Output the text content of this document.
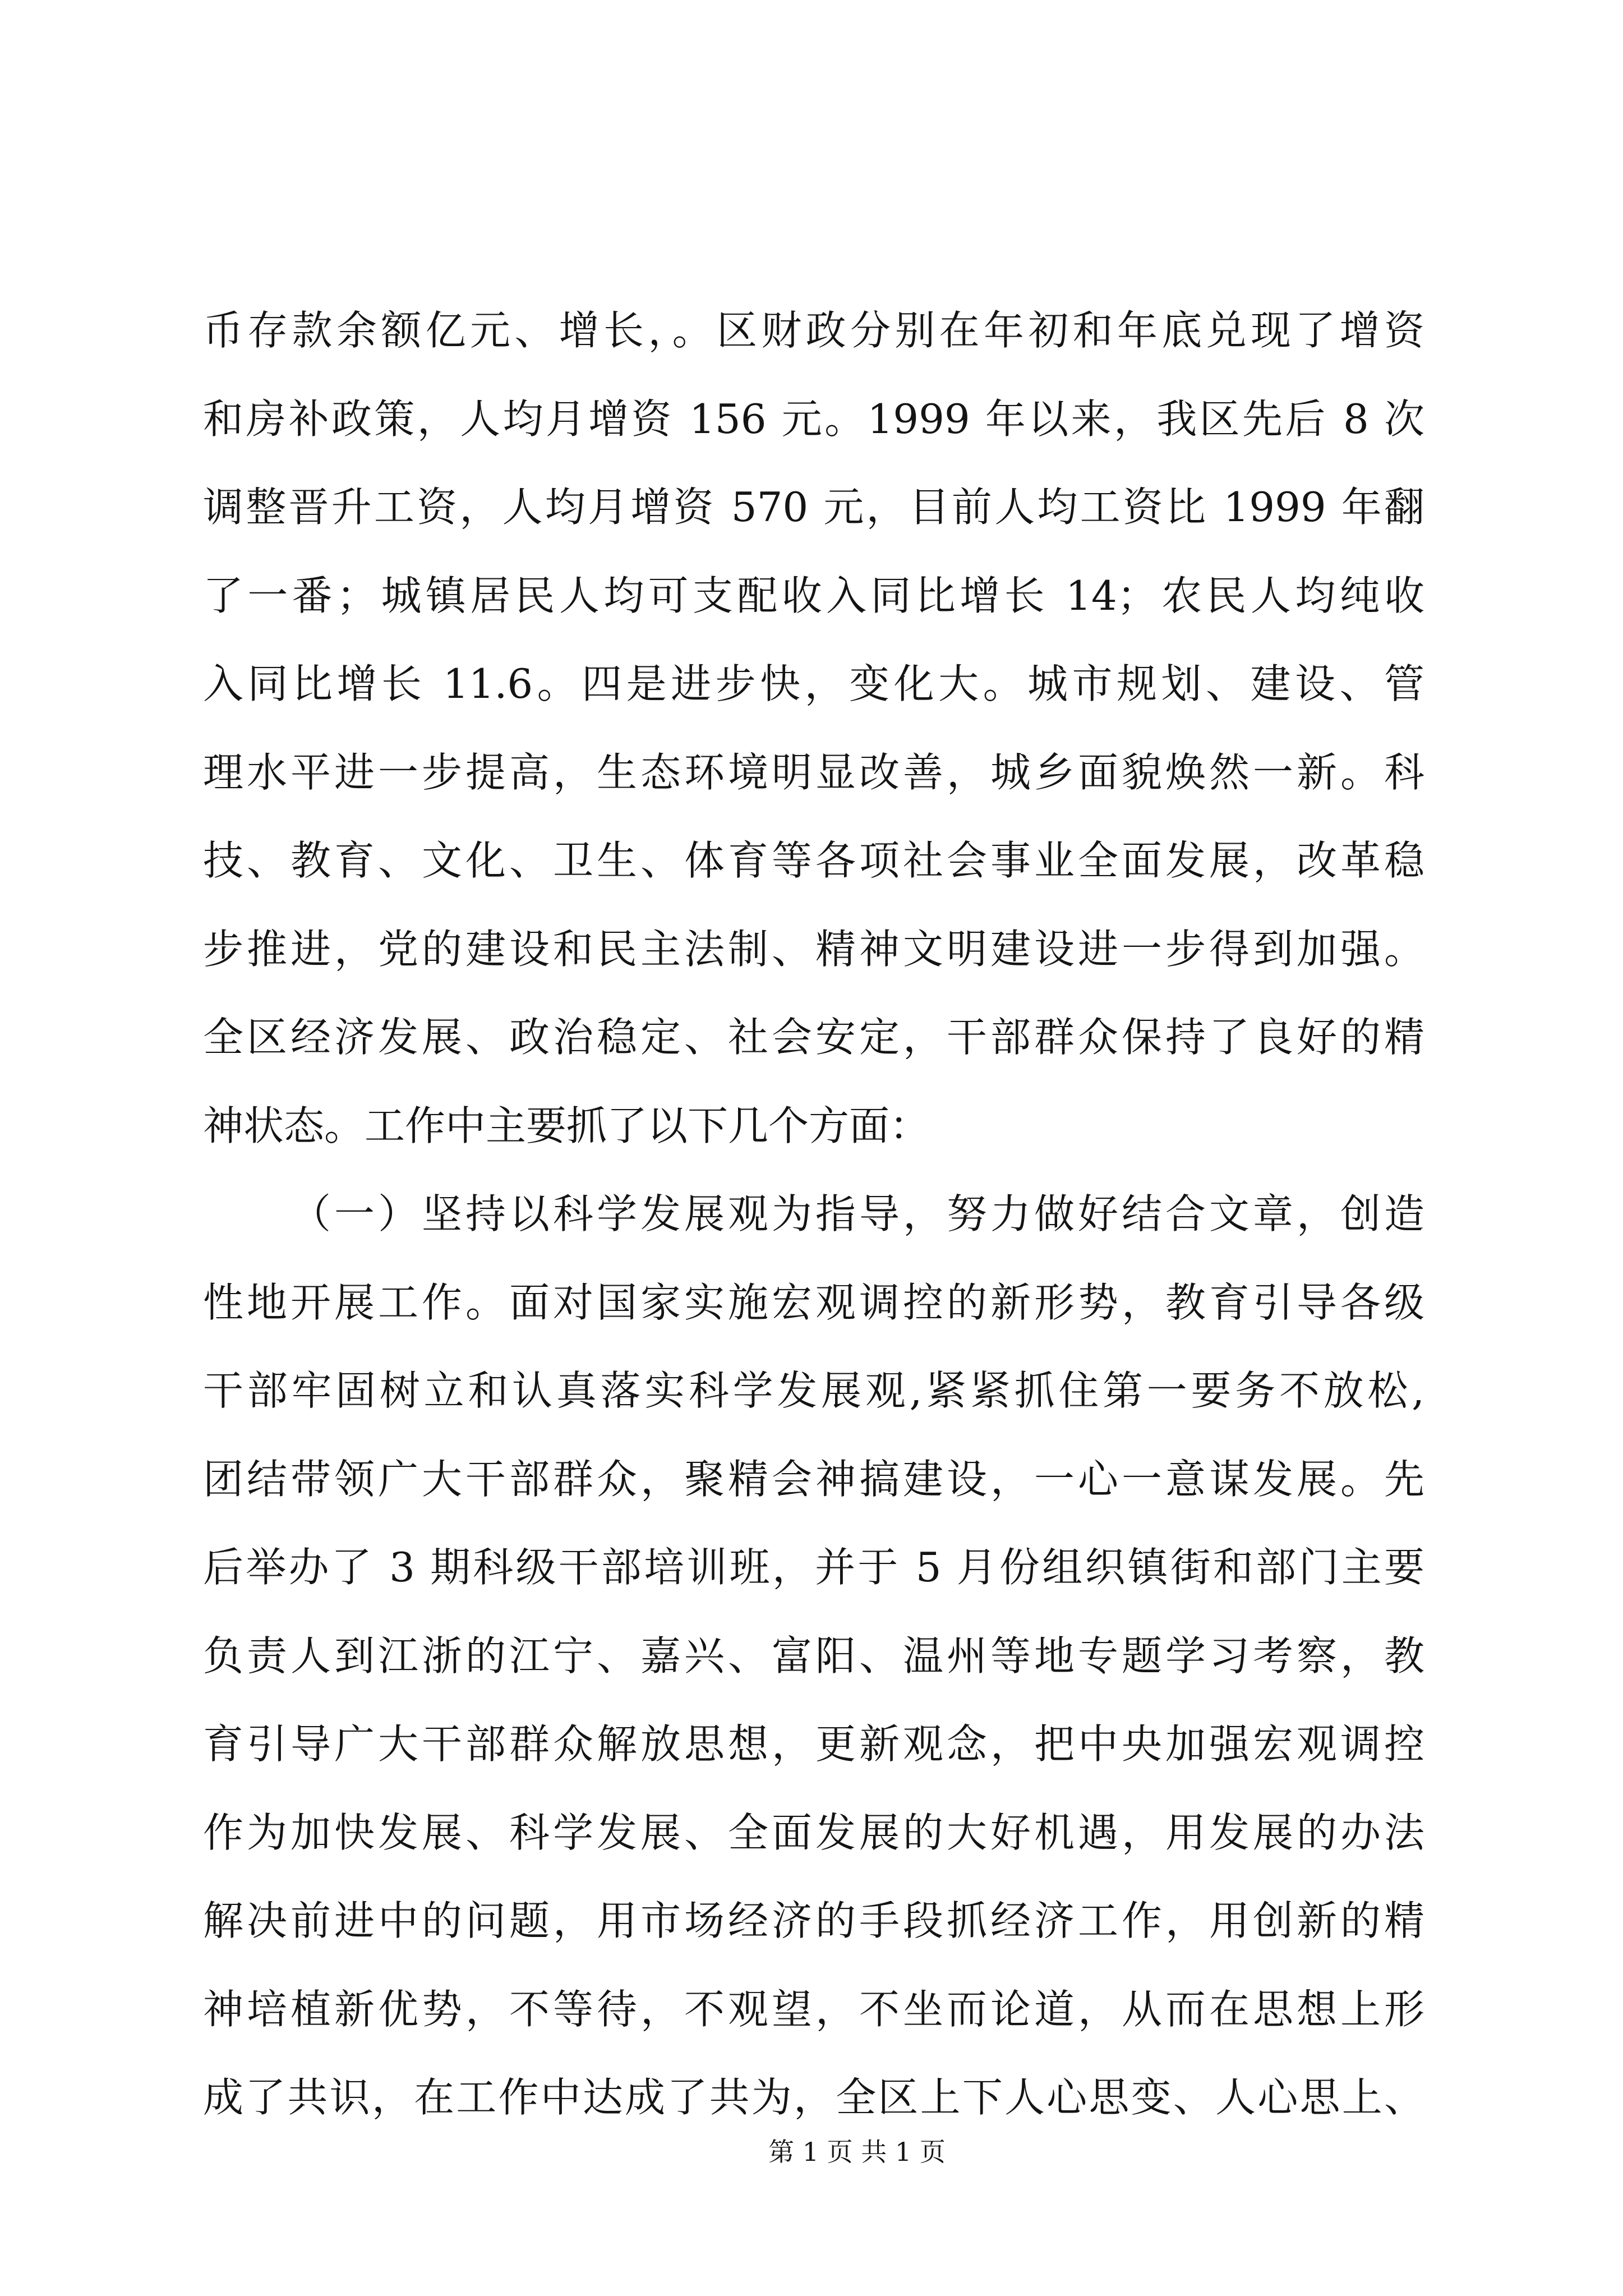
币存款余额亿元、增长，。区财政分别在年初和年底兑现了增资
和房补政策，人均月增资 156 元。1999 年以来，我区先后 8 次
调整晋升工资，人均月增资 570 元，目前人均工资比 1999 年翻
了一番；城镇居民人均可支配收入同比增长 14；农民人均纯收
入同比增长 11.6。四是进步快，变化大。城市规划、建设、管
理水平进一步提高，生态环境明显改善，城乡面貌焕然一新。科
技、教育、文化、卫生、体育等各项社会事业全面发展，改革稳
步推进，党的建设和民主法制、精神文明建设进一步得到加强。
全区经济发展、政治稳定、社会安定，干部群众保持了良好的精
神状态。工作中主要抓了以下几个方面：
（一）坚持以科学发展观为指导，努力做好结合文章，创造
性地开展工作。面对国家实施宏观调控的新形势，教育引导各级
干部牢固树立和认真落实科学发展观,紧紧抓住第一要务不放松,
团结带领广大干部群众，聚精会神搞建设，一心一意谋发展。先
后举办了 3 期科级干部培训班，并于 5 月份组织镇街和部门主要
负责人到江浙的江宁、嘉兴、富阳、温州等地专题学习考察，教
育引导广大干部群众解放思想，更新观念，把中央加强宏观调控
作为加快发展、科学发展、全面发展的大好机遇，用发展的办法
解决前进中的问题，用市场经济的手段抓经济工作，用创新的精
神培植新优势，不等待，不观望，不坐而论道，从而在思想上形
成了共识，在工作中达成了共为，全区上下人心思变、人心思上、
第 1 页 共 1 页
